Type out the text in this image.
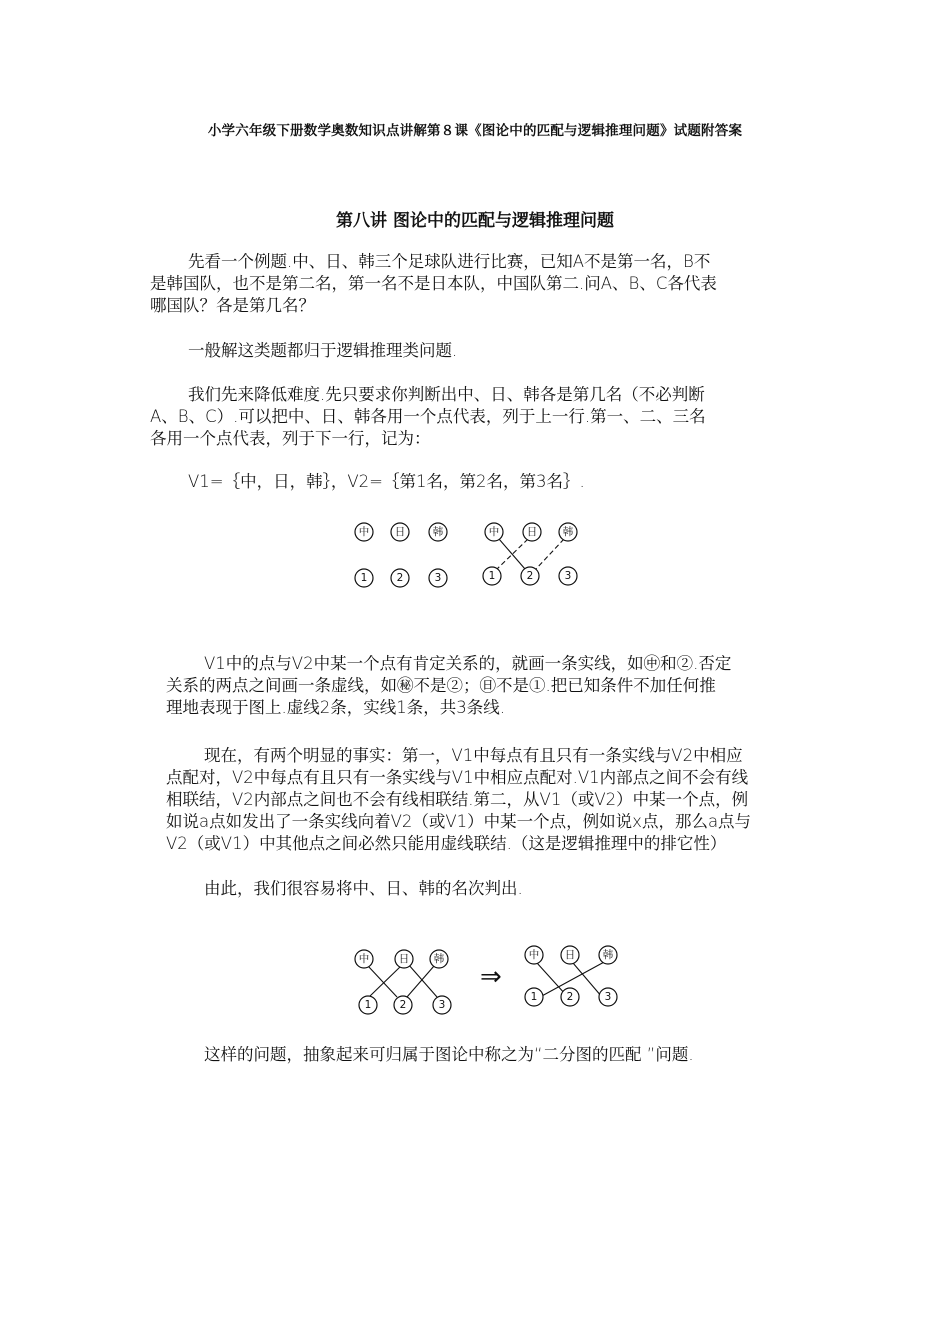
小学六年级下册数学奥数知识点讲解第８课《图论中的匹配与逻辑推理问题》试题附答案
第八讲 图论中的匹配与逻辑推理问题
先看一个例题.中、日、韩三个足球队进行比赛，已知A不是第一名，B不
是韩国队，也不是第二名，第一名不是日本队，中国队第二.问A、B、C各代表
哪国队？各是第几名？
一般解这类题都归于逻辑推理类问题.
我们先来降低难度.先只要求你判断出中、日、韩各是第几名（不必判断
A、B、C）.可以把中、日、韩各用一个点代表，列于上一行.第一、二、三名
各用一个点代表，列于下一行，记为：
V1=｛中，日，韩｝，V2=｛第1名，第2名，第3名｝.
中 日	韩
1	2	3
中	日 韩
1	2	3
V1中的点与V2中某一个点有肯定关系的，就画一条实线，如㊥和②.否定
关系的两点之间画一条虚线，如㊙不是②；㊐不是①.把已知条件不加任何推
理地表现于图上.虚线2条，实线1条，共3条线.
现在，有两个明显的事实：第一，V1中每点有且只有一条实线与V2中相应
点配对，V2中每点有且只有一条实线与V1中相应点配对.V1内部点之间不会有线
相联结，V2内部点之间也不会有线相联结.第二，从V1（或V2）中某一个点，例
如说a点如发出了一条实线向着V2（或V1）中某一个点，例如说x点，那么a点与
V2（或V1）中其他点之间必然只能用虚线联结.（这是逻辑推理中的排它性）
由此，我们很容易将中、日、韩的名次判出.
中	日 韩
1	2	3
中 日	韩
1	2	3
⇒
这样的问题，抽象起来可归属于图论中称之为“二分图的匹配 ”问题.
